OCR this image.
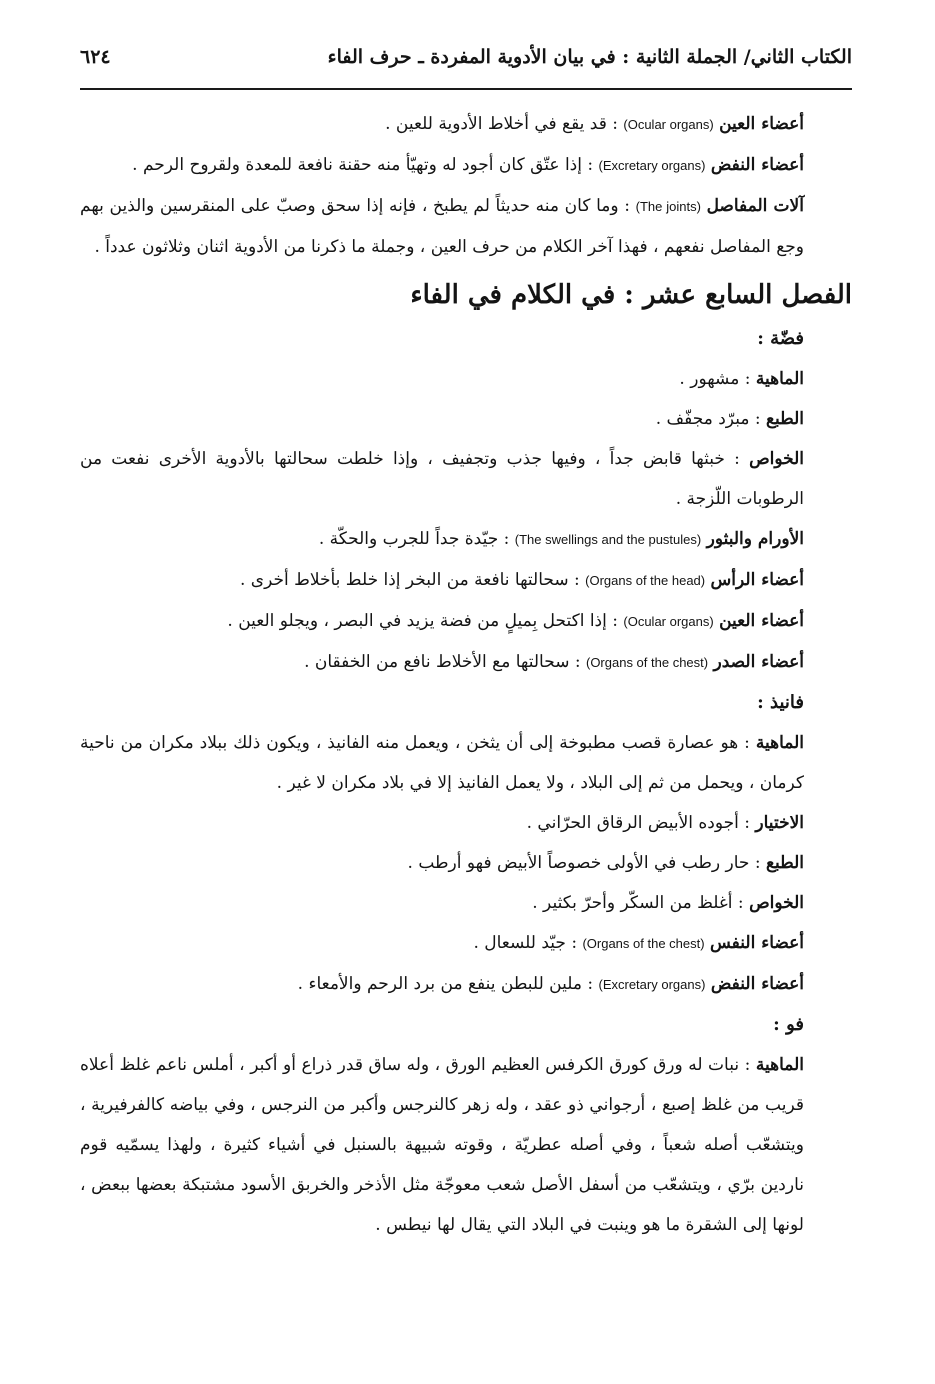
الكتاب الثاني/ الجملة الثانية : في بيان الأدوية المفردة ـ حرف الفاء
٦٢٤

أعضاء العين (Ocular organs) : قد يقع في أخلاط الأدوية للعين .

أعضاء النفض (Excretary organs) : إذا عتّق كان أجود له وتهيّأ منه حقنة نافعة للمعدة ولقروح الرحم .

آلات المفاصل (The joints) : وما كان منه حديثاً لم يطبخ ، فإنه إذا سحق وصبّ على المنقرسين والذين بهم وجع المفاصل نفعهم ، فهذا آخر الكلام من حرف العين ، وجملة ما ذكرنا من الأدوية اثنان وثلاثون عدداً .

الفصل السابع عشر : في الكلام في الفاء

فضّة :

الماهية : مشهور .

الطبع : مبرّد مجفّف .

الخواص : خبثها قابض جداً ، وفيها جذب وتجفيف ، وإذا خلطت سحالتها بالأدوية الأخرى نفعت من الرطوبات اللّزجة .

الأورام والبثور (The swellings and the pustules) : جيّدة جداً للجرب والحكّة .

أعضاء الرأس (Organs of the head) : سحالتها نافعة من البخر إذا خلط بأخلاط أخرى .

أعضاء العين (Ocular organs) : إذا اكتحل بِميلٍ من فضة يزيد في البصر ، ويجلو العين .

أعضاء الصدر (Organs of the chest) : سحالتها مع الأخلاط نافع من الخفقان .

فانيذ :

الماهية : هو عصارة قصب مطبوخة إلى أن يثخن ، ويعمل منه الفانيذ ، ويكون ذلك ببلاد مكران من ناحية كرمان ، ويحمل من ثم إلى البلاد ، ولا يعمل الفانيذ إلا في بلاد مكران لا غير .

الاختيار : أجوده الأبيض الرقاق الحرّاني .

الطبع : حار رطب في الأولى خصوصاً الأبيض فهو أرطب .

الخواص : أغلظ من السكّر وأحرّ بكثير .

أعضاء النفس (Organs of the chest) : جيّد للسعال .

أعضاء النفض (Excretary organs) : ملين للبطن ينفع من برد الرحم والأمعاء .

فو :

الماهية : نبات له ورق كورق الكرفس العظيم الورق ، وله ساق قدر ذراع أو أكبر ، أملس ناعم غلظ أعلاه قريب من غلظ إصبع ، أرجواني ذو عقد ، وله زهر كالنرجس وأكبر من النرجس ، وفي بياضه كالفرفيرية ، ويتشعّب أصله شعباً ، وفي أصله عطريّة ، وقوته شبيهة بالسنبل في أشياء كثيرة ، ولهذا يسمّيه قوم ناردين برّي ، ويتشعّب من أسفل الأصل شعب معوجّة مثل الأذخر والخربق الأسود مشتبكة بعضها ببعض ، لونها إلى الشقرة ما هو وينبت في البلاد التي يقال لها نيطس .
